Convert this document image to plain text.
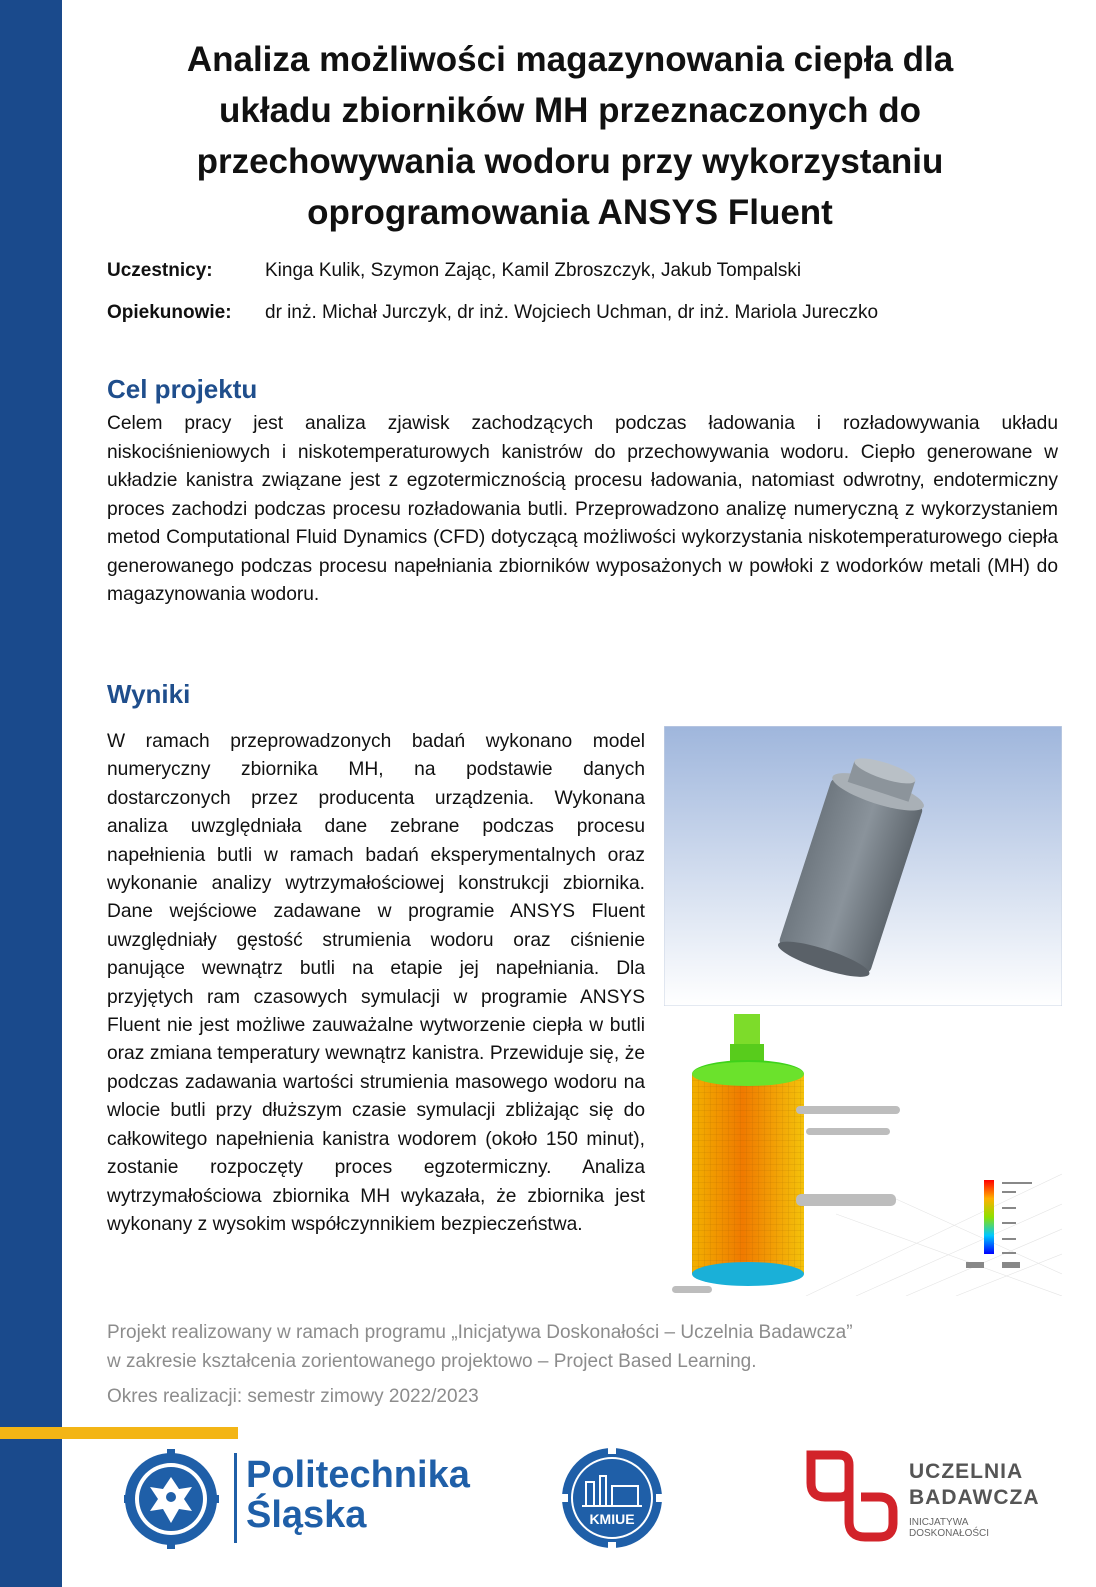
Analiza możliwości magazynowania ciepła dla układu zbiorników MH przeznaczonych do przechowywania wodoru przy wykorzystaniu oprogramowania ANSYS Fluent
Uczestnicy:	Kinga Kulik, Szymon Zając, Kamil Zbroszczyk, Jakub Tompalski
Opiekunowie:	dr inż. Michał Jurczyk, dr inż. Wojciech Uchman, dr inż. Mariola Jureczko
Cel projektu

Celem pracy jest analiza zjawisk zachodzących podczas ładowania i rozładowywania układu niskociśnieniowych i niskotemperaturowych kanistrów do przechowywania wodoru. Ciepło generowane w układzie kanistra związane jest z egzotermicznością procesu ładowania, natomiast odwrotny, endotermiczny proces zachodzi podczas procesu rozładowania butli. Przeprowadzono analizę numeryczną z wykorzystaniem metod Computational Fluid Dynamics (CFD) dotyczącą możliwości wykorzystania niskotemperaturowego ciepła generowanego podczas procesu napełniania zbiorników wyposażonych w powłoki z wodorków metali (MH) do magazynowania wodoru.

Wyniki

W ramach przeprowadzonych badań wykonano model numeryczny zbiornika MH, na podstawie danych dostarczonych przez producenta urządzenia. Wykonana analiza uwzględniała dane zebrane podczas procesu napełnienia butli w ramach badań eksperymentalnych oraz wykonanie analizy wytrzymałościowej konstrukcji zbiornika. Dane wejściowe zadawane w programie ANSYS Fluent uwzględniały gęstość strumienia wodoru oraz ciśnienie panujące wewnątrz butli na etapie jej napełniania. Dla przyjętych ram czasowych symulacji w programie ANSYS Fluent nie jest możliwe zauważalne wytworzenie ciepła w butli oraz zmiana temperatury wewnątrz kanistra. Przewiduje się, że podczas zadawania wartości strumienia masowego wodoru na wlocie butli przy dłuższym czasie symulacji zbliżając się do całkowitego napełnienia kanistra wodorem (około 150 minut), zostanie rozpoczęty proces egzotermiczny. Analiza wytrzymałościowa zbiornika MH wykazała, że zbiornika jest wykonany z wysokim współczynnikiem bezpieczeństwa.

Projekt realizowany w ramach programu „Inicjatywa Doskonałości – Uczelnia Badawcza”
w zakresie kształcenia zorientowanego projektowo – Project Based Learning.

Okres realizacji: semestr zimowy 2022/2023

Politechnika
Śląska	KMIUE
UCZELNIA
BADAWCZA
INICJATYWA DOSKONAŁOŚCI
